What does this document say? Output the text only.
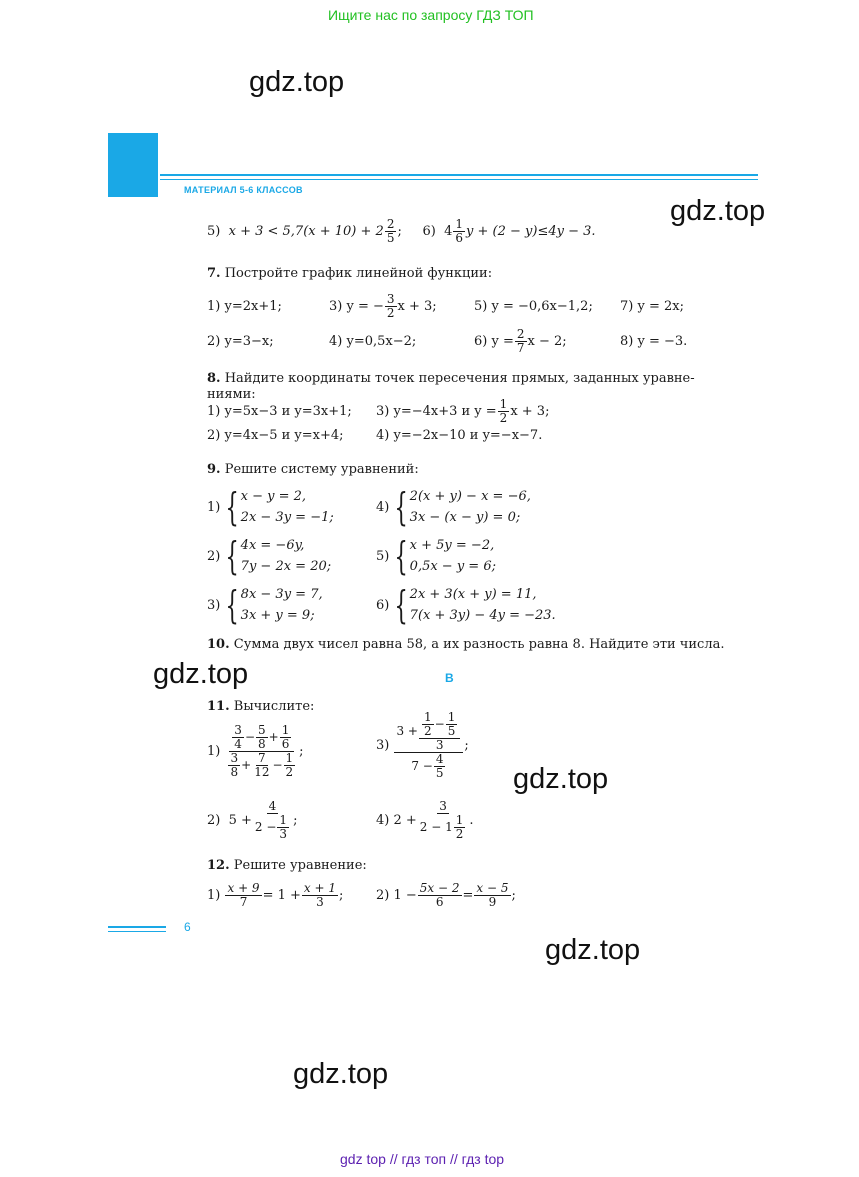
Ищите нас по запросу ГДЗ ТОП
gdz.top
gdz.top
gdz.top
gdz.top
gdz.top
gdz.top
МАТЕРИАЛ 5-6 КЛАССОВ
5) $x + 3 < 5,7(x + 10) + 2 \frac{2}{5}$ ; 6) $4 \frac{1}{6}$ y + (2 − y)≤4y − 3.
7. Постройте график линейной функции:
1) y=2x+1;	3) y = − $\frac{3}{2}$ x + 3;	5) y = −0,6x−1,2; 7) y = 2x;
2) y=3−x;	4) y=0,5x−2;	6) $y = \frac{2}{7}$ x − 2;	8) y = −3.
8. Найдите координаты точек пересечения прямых, заданных уравне-
ниями:
1) y=5x−3 и y=3x+1; 3) y=−4x+3 и $y = \frac{1}{2}$ x + 3;
2) y=4x−5 и y=x+4; 4) y=−2x−10 и y=−x−7.
9. Решите систему уравнений:
1)
{ x − y = 2,
2x − 3y = −1;
4)
{ 2(x + y) − x = −6,
3x − (x − y) = 0;
2)
{ 4x = −6y,
7y − 2x = 20;
5)
{ x + 5y = −2,
0,5x − y = 6;
3)
{ 8x − 3y = 7,
3x + y = 9;
6)
{ 2x + 3(x + y) = 11,
7(x + 3y) − 4y = −23.
10. Сумма двух чисел равна 58, а их разность равна 8. Найдите эти числа.
B
11. Вычислите:
1)
$\frac{\frac{3}{4} - \frac{5}{8} + \frac{1}{6}}{\frac{3}{8} + \frac{7}{12} - \frac{1}{2}}$ ;	3)

$3 + \frac{\frac{1}{2} - \frac{1}{5}}{3}$
$7 - \frac{4}{5}$
;
2)
$5 + \frac{4}{2 - \frac{1}{3}}$ ;	4)
$2 + \frac{3}{2 - 1 \frac{1}{2}}$ .
12. Решите уравнение:
1)
$\frac{x + 9}{7} = 1 + \frac{x + 1}{3}$ ;	2)
$1 - \frac{5x - 2}{6} = \frac{x - 5}{9}$ ;
6
gdz top // гдз топ // гдз top
